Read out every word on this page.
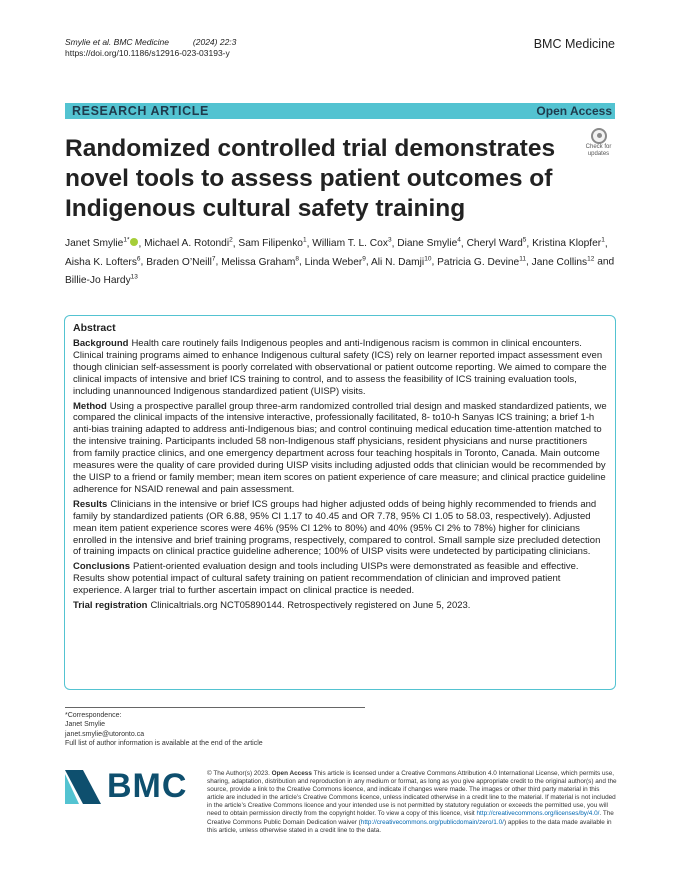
Smylie et al. BMC Medicine	(2024) 22:3
https://doi.org/10.1186/s12916-023-03193-y
BMC Medicine
RESEARCH ARTICLE	Open Access
Randomized controlled trial demonstrates novel tools to assess patient outcomes of Indigenous cultural safety training
Check for
updates
Janet Smylie$^{1*}$ , Michael A. Rotondi$^2$, Sam Filipenko$^1$, William T. L. Cox$^3$, Diane Smylie$^4$, Cheryl Ward$^5$, Kristina Klopfer$^1$, Aisha K. Lofters$^6$, Braden O’Neill$^7$, Melissa Graham$^8$, Linda Weber$^9$, Ali N. Damji$^{10}$, Patricia G. Devine$^{11}$, Jane Collins$^{12}$ and Billie-Jo Hardy$^{13}$
Abstract

Background Health care routinely fails Indigenous peoples and anti-Indigenous racism is common in clinical encounters. Clinical training programs aimed to enhance Indigenous cultural safety (ICS) rely on learner reported impact assessment even though clinician self-assessment is poorly correlated with observational or patient outcome reporting. We aimed to compare the clinical impacts of intensive and brief ICS training to control, and to assess the feasibility of ICS training evaluation tools, including unannounced Indigenous standardized patient (UISP) visits.

Method Using a prospective parallel group three-arm randomized controlled trial design and masked standardized patients, we compared the clinical impacts of the intensive interactive, professionally facilitated, 8- to10-h Sanyas ICS training; a brief 1-h anti-bias training adapted to address anti-Indigenous bias; and control continuing medical education time-attention matched to the intensive training. Participants included 58 non-Indigenous staff physicians, resident physicians and nurse practitioners from family practice clinics, and one emergency department across four teaching hospitals in Toronto, Canada. Main outcome measures were the quality of care provided during UISP visits including adjusted odds that clinician would be recommended by the UISP to a friend or family member; mean item scores on patient experience of care measure; and clinical practice guideline adherence for NSAID renewal and pain assessment.

Results Clinicians in the intensive or brief ICS groups had higher adjusted odds of being highly recommended to friends and family by standardized patients (OR 6.88, 95% CI 1.17 to 40.45 and OR 7.78, 95% CI 1.05 to 58.03, respectively). Adjusted mean item patient experience scores were 46% (95% CI 12% to 80%) and 40% (95% CI 2% to 78%) higher for clinicians enrolled in the intensive and brief training programs, respectively, compared to control. Small sample size precluded detection of training impacts on clinical practice guideline adherence; 100% of UISP visits were undetected by participating clinicians.

Conclusions Patient-oriented evaluation design and tools including UISPs were demonstrated as feasible and effective. Results show potential impact of cultural safety training on patient recommendation of clinician and improved patient experience. A larger trial to further ascertain impact on clinical practice is needed.

Trial registration Clinicaltrials.org NCT05890144. Retrospectively registered on June 5, 2023.

*Correspondence:
Janet Smylie
janet.smylie@utoronto.ca
Full list of author information is available at the end of the article
BMC	© The Author(s) 2023. Open Access This article is licensed under a Creative Commons Attribution 4.0 International License, which permits use, sharing, adaptation, distribution and reproduction in any medium or format, as long as you give appropriate credit to the original author(s) and the source, provide a link to the Creative Commons licence, and indicate if changes were made. The images or other third party material in this article are included in the article’s Creative Commons licence, unless indicated otherwise in a credit line to the material. If material is not included in the article’s Creative Commons licence and your intended use is not permitted by statutory regulation or exceeds the permitted use, you will need to obtain permission directly from the copyright holder. To view a copy of this licence, visit http://creativecommons.org/licenses/by/4.0/. The Creative Commons Public Domain Dedication waiver (http://creativecommons.org/publicdomain/zero/1.0/) applies to the data made available in this article, unless otherwise stated in a credit line to the data.
